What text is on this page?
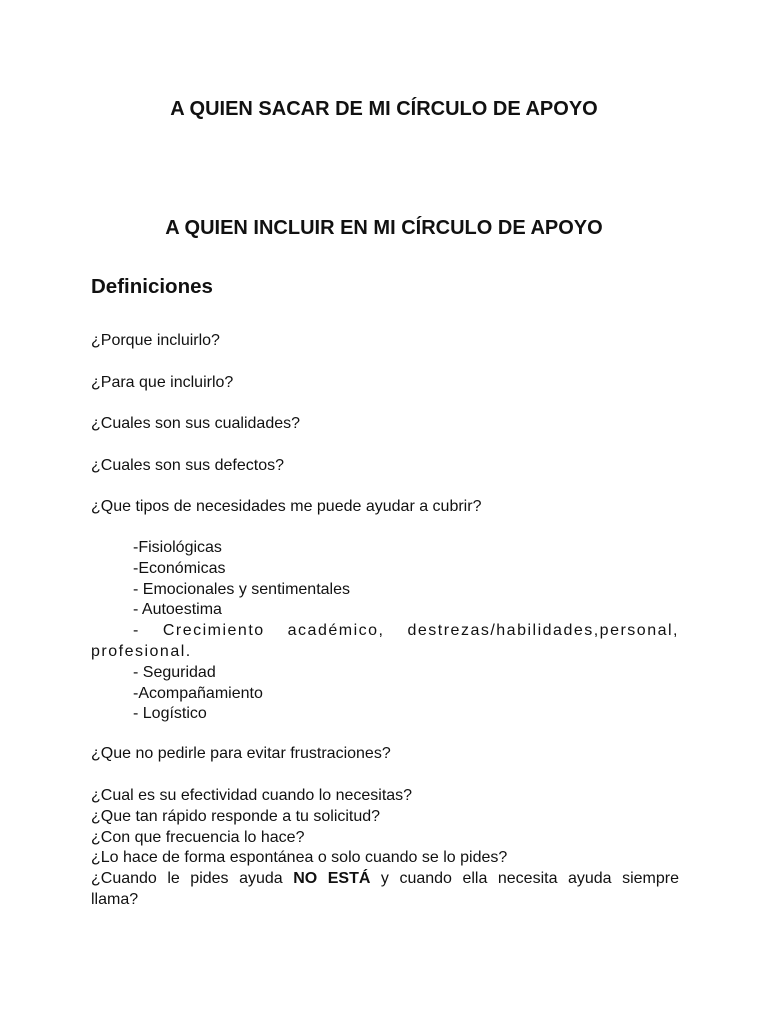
A QUIEN SACAR DE MI CÍRCULO DE APOYO
A QUIEN INCLUIR EN MI CÍRCULO DE APOYO
Definiciones

¿Porque incluirlo?

¿Para que incluirlo?

¿Cuales son sus cualidades?

¿Cuales son sus defectos?

¿Que tipos de necesidades me puede ayudar a cubrir?

-Fisiológicas
-Económicas
- Emocionales y sentimentales
- Autoestima
- Crecimiento académico, destrezas/habilidades,personal, profesional.
- Seguridad
-Acompañamiento
- Logístico

¿Que no pedirle para evitar frustraciones?

¿Cual es su efectividad cuando lo necesitas?
¿Que tan rápido responde a tu solicitud?
¿Con que frecuencia lo hace?
¿Lo hace de forma espontánea o solo cuando se lo pides?
¿Cuando le pides ayuda NO ESTÁ y cuando ella necesita ayuda siempre llama?
